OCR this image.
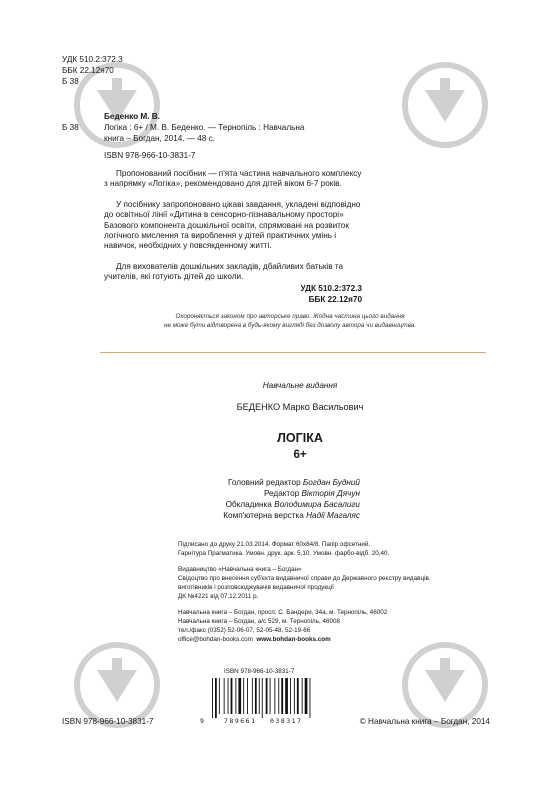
УДК 510.2:372.3
ББК 22.12я70
Б 38
Б 38
Беденко М. В.
Логіка : 6+ / М. В. Беденко. — Тернопіль : Навчальна
книга – Богдан, 2014. — 48 с.
ISBN 978-966-10-3831-7
Пропонований посібник — п'ята частина навчального комплексу з напрямку «Логіка», рекомендовано для дітей віком 6-7 років.
У посібнику запропоновано цікаві завдання, укладені відповідно до освітньої лінії «Дитина в сенсорно-пізнавальному просторі» Базового компонента дошкільної освіти, спрямовані на розвиток логічного мислення та вироблення у дітей практичних умінь і навичок, необхідних у повсякденному житті.
Для вихователів дошкільних закладів, дбайливих батьків та учителів, які готують дітей до школи.
УДК 510.2:372.3
ББК 22.12я70
Охороняється законом про авторське право. Жодна частина цього видання
не може бути відтворена в будь-якому вигляді без дозволу автора чи видавництва.
Навчальне видання
БЕДЕНКО Марко Васильович
ЛОГІКА
6+
Головний редактор Богдан Будний
Редактор Вікторія Дячун
Обкладинка Володимира Басалиги
Комп'ютерна верстка Надії Магаляс
Підписано до друку 21.03.2014. Формат 60х84/8. Папір офсетний.
Гарнітура Прагматика. Умовн. друк. арк. 5,10. Умовн. фарбо-відб. 20,40.
Видавництво «Навчальна книга – Богдан»
Свідоцтво про внесення суб'єкта видавничої справи до Державного реєстру видавців,
виготівників і розповсюджувачів видавничої продукції
ДК №4221 від 07.12.2011 р.
Навчальна книга – Богдан, просп. С. Бандери, 34а, м. Тернопіль, 46002
Навчальна книга – Богдан, а/с 529, м. Тернопіль, 46008
тел./факс (0352) 52-06-07, 52-05-48, 52-19-66
office@bohdan-books.com www.bohdan-books.com
ISBN 978-966-10-3831-7
9	789661 038317
ISBN 978-966-10-3831-7	© Навчальна книга – Богдан, 2014
